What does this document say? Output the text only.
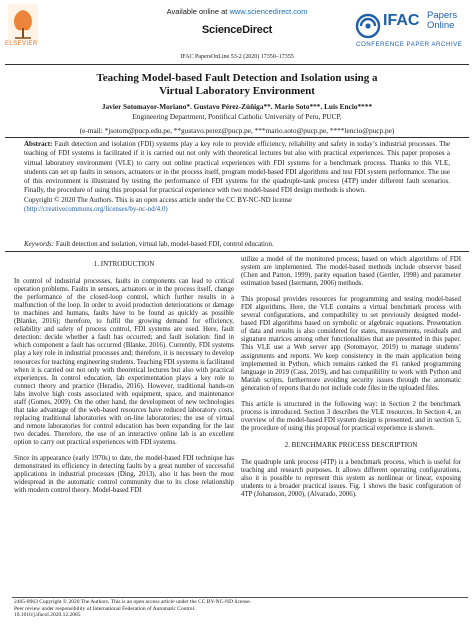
ELSEVIER
Available online at www.sciencedirect.com
ScienceDirect
IFAC Papers
Online
CONFERENCE PAPER ARCHIVE
IFAC PapersOnLine 53-2 (2020) 17350–17355
Teaching Model-based Fault Detection and Isolation using a
Virtual Laboratory Environment
Javier Sotomayor-Moriano*. Gustavo Pérez-Zúñiga**. Mario Soto***. Luis Encio****
Engineering Department, Pontifical Catholic University of Peru, PUCP,
(e-mail: *jsotom@pucp.edu.pe, **gustavo.perez@pucp.pe, ***mario.soto@pucp.pe, ****lencio@pucp.pe)
Abstract: Fault detection and isolation (FDI) systems play a key role to provide efficiency, reliability and safety in today’s industrial processes. The teaching of FDI systems is facilitated if it is carried out not only with theoretical lectures but also with practical experiences. This paper proposes a virtual laboratory environment (VLE) to carry out online practical experiences with FDI systems for a benchmark process. Thanks to this VLE, students can set up faults in sensors, actuators or in the process itself, program model-based FDI algorithms and test FDI system performance. The use of this environment is illustrated by testing the performance of FDI systems for the quadruple-tank process (4TP) under different fault scenarios. Finally, the procedure of using this proposal for practical experience with two model-based FDI design methods is shown.
Copyright © 2020 The Authors. This is an open access article under the CC BY-NC-ND license
(http://creativecommons.org/licenses/by-nc-nd/4.0)
Keywords: Fault detection and isolation, virtual lab, model-based FDI, control education.

1. INTRODUCTION

In control of industrial processes, faults in components can lead to critical operation problems. Faults in sensors, actuators or in the process itself, change the performance of the closed-loop control, which further results in a malfunction of the loop. In order to avoid production deteriorations or damage to machines and humans, faults have to be found as quickly as possible (Blanke, 2016); therefore, to fulfil the growing demand for efficiency, reliability and safety of process control, FDI systems are used. Here, fault detection: decide whether a fault has occurred; and fault isolation: find in which component a fault has occurred (Blanke, 2016). Currently, FDI systems play a key role in industrial processes and; therefore, it is necessary to develop resources for teaching engineering students. Teaching FDI systems is facilitated when it is carried out not only with theoretical lectures but also with practical experiences. In control education, lab experimentation plays a key role to connect theory and practice (Heradio, 2016). However, traditional hands-on labs involve high costs associated with equipment, space, and maintenance staff (Gomes, 2009). On the other hand, the development of new technologies that take advantage of the web-based resources have reduced laboratory costs, replacing traditional laboratories with on-line laboratories; the use of virtual and remote laboratories for control education has been expanding for the last two decades. Therefore, the use of an interactive online lab is an excellent option to carry out practical experiences with FDI systems.

Since its appearance (early 1970s) to date, the model-based FDI technique has demonstrated its efficiency in detecting faults by a great number of successful applications in industrial processes (Ding, 2013), also it has been the most widespread in the automatic control community due to its close relationship with modern control theory. Model-based FDI

utilize a model of the monitored process, based on which algorithms of FDI system are implemented. The model-based methods include observer based (Chen and Patton, 1999), parity equation based (Gertler, 1998) and parameter estimation based (Isermann, 2006) methods.

This proposal provides resources for programming and testing model-based FDI algorithms. Here, the VLE contains a virtual benchmark process with several configurations, and compatibility to set previously designed model-based FDI algorithms based on symbolic or algebraic equations. Presentation of data and results is also considered for states, measurements, residuals and signature matrices among other functionalities that are presented in this paper. This VLE use a Web server app (Sotomayor, 2019) to manage students’ assignments and reports. We keep consistency in the main application being implemented in Python, which remains ranked the #1 ranked programming language in 2019 (Cass, 2019), and has compatibility to work with Python and Matlab scripts, furthermore avoiding security issues through the automatic generation of reports that do not include code files in the uploaded files.

This article is structured in the following way: in Section 2 the benchmark process is introduced. Section 3 describes the VLE resources. In Section 4, an overview of the model-based FDI system design is presented, and in section 5, the procedure of using this proposal for practical experience is shown.

2. BENCHMARK PROCESS DESCRIPTION

The quadruple tank process (4TP) is a benchmark process, which is useful for teaching and research purposes. It allows different operating configurations, also it is possible to represent this system as nonlinear or linear, exposing students to a broader practical issues. Fig. 1 shows the basic configuration of 4TP (Johansson, 2000), (Alvarado, 2006).

2405-8963 Copyright © 2020 The Authors. This is an open access article under the CC BY-NC-ND license.
Peer review under responsibility of International Federation of Automatic Control.
10.1016/j.ifacol.2020.12.2085
